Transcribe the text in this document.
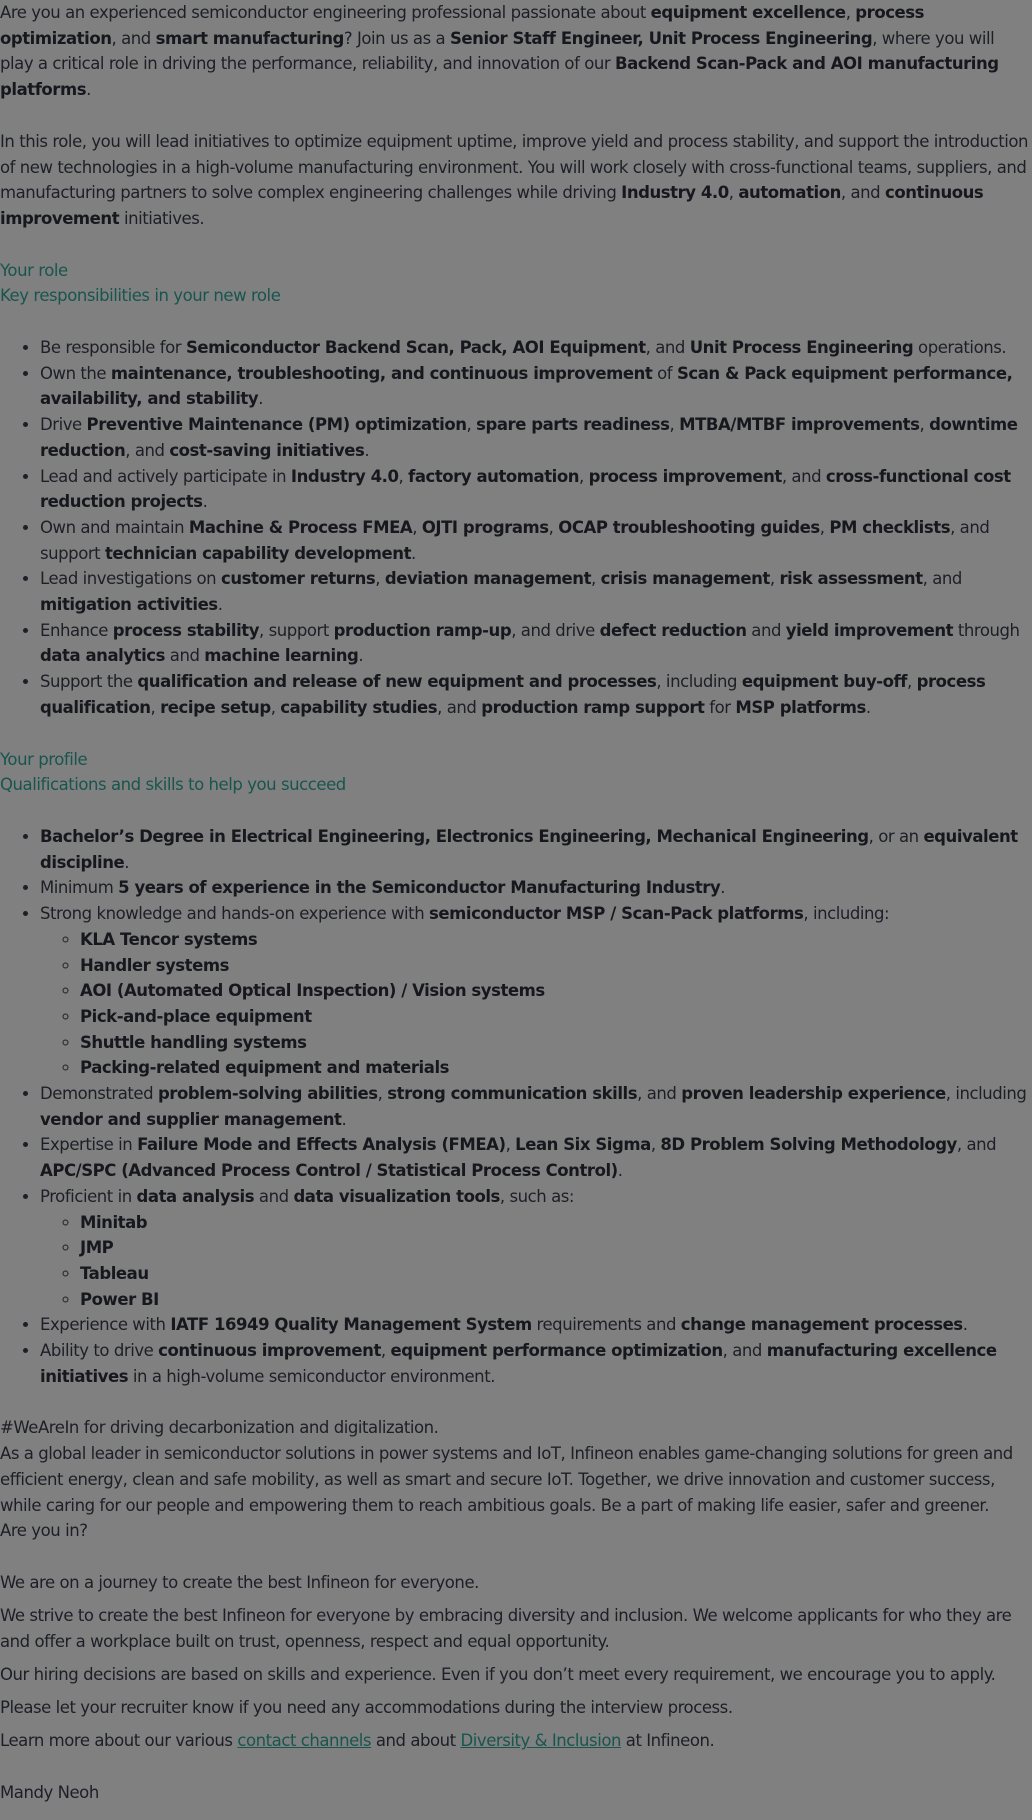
Are you an experienced semiconductor engineering professional passionate about equipment excellence, process optimization, and smart manufacturing? Join us as a Senior Staff Engineer, Unit Process Engineering, where you will play a critical role in driving the performance, reliability, and innovation of our Backend Scan-Pack and AOI manufacturing platforms.

In this role, you will lead initiatives to optimize equipment uptime, improve yield and process stability, and support the introduction of new technologies in a high-volume manufacturing environment. You will work closely with cross-functional teams, suppliers, and manufacturing partners to solve complex engineering challenges while driving Industry 4.0, automation, and continuous improvement initiatives.

Your role

Key responsibilities in your new role

• Be responsible for Semiconductor Backend Scan, Pack, AOI Equipment, and Unit Process Engineering operations.
• Own the maintenance, troubleshooting, and continuous improvement of Scan & Pack equipment performance, availability, and stability.
• Drive Preventive Maintenance (PM) optimization, spare parts readiness, MTBA/MTBF improvements, downtime reduction, and cost-saving initiatives.
• Lead and actively participate in Industry 4.0, factory automation, process improvement, and cross-functional cost reduction projects.
• Own and maintain Machine & Process FMEA, OJTI programs, OCAP troubleshooting guides, PM checklists, and support technician capability development.
• Lead investigations on customer returns, deviation management, crisis management, risk assessment, and mitigation activities.
• Enhance process stability, support production ramp-up, and drive defect reduction and yield improvement through data analytics and machine learning.
• Support the qualification and release of new equipment and processes, including equipment buy-off, process qualification, recipe setup, capability studies, and production ramp support for MSP platforms.

Your profile

Qualifications and skills to help you succeed

• Bachelor’s Degree in Electrical Engineering, Electronics Engineering, Mechanical Engineering, or an equivalent discipline.
• Minimum 5 years of experience in the Semiconductor Manufacturing Industry.
• Strong knowledge and hands-on experience with semiconductor MSP / Scan-Pack platforms, including:
◦ KLA Tencor systems
◦ Handler systems
◦ AOI (Automated Optical Inspection) / Vision systems
◦ Pick-and-place equipment
◦ Shuttle handling systems
◦ Packing-related equipment and materials
• Demonstrated problem-solving abilities, strong communication skills, and proven leadership experience, including vendor and supplier management.
• Expertise in Failure Mode and Effects Analysis (FMEA), Lean Six Sigma, 8D Problem Solving Methodology, and APC/SPC (Advanced Process Control / Statistical Process Control).
• Proficient in data analysis and data visualization tools, such as:
◦ Minitab
◦ JMP
◦ Tableau
◦ Power BI
• Experience with IATF 16949 Quality Management System requirements and change management processes.
• Ability to drive continuous improvement, equipment performance optimization, and manufacturing excellence initiatives in a high-volume semiconductor environment.

#WeAreIn for driving decarbonization and digitalization.

As a global leader in semiconductor solutions in power systems and IoT, Infineon enables game-changing solutions for green and efficient energy, clean and safe mobility, as well as smart and secure IoT. Together, we drive innovation and customer success, while caring for our people and empowering them to reach ambitious goals. Be a part of making life easier, safer and greener.

Are you in?

We are on a journey to create the best Infineon for everyone.

We strive to create the best Infineon for everyone by embracing diversity and inclusion. We welcome applicants for who they are and offer a workplace built on trust, openness, respect and equal opportunity.

Our hiring decisions are based on skills and experience. Even if you don’t meet every requirement, we encourage you to apply.

Please let your recruiter know if you need any accommodations during the interview process.

Learn more about our various contact channels and about Diversity & Inclusion at Infineon.

Mandy Neoh
